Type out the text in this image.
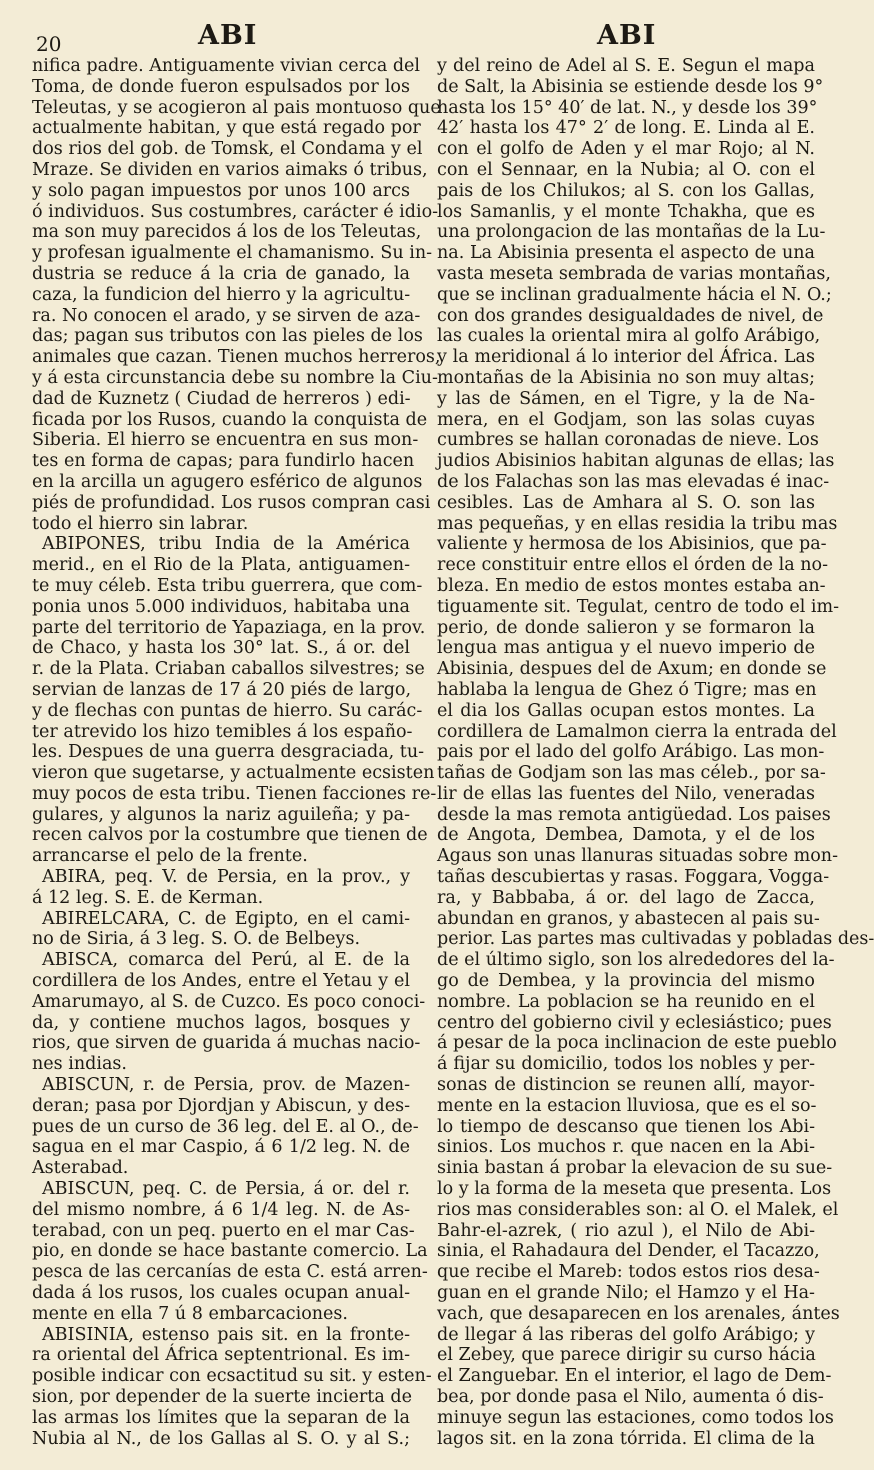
20	ABI	ABI
nifica padre. Antiguamente vivian cerca del
Toma, de donde fueron espulsados por los
Teleutas, y se acogieron al pais montuoso que
actualmente habitan, y que está regado por
dos rios del gob. de Tomsk, el Condama y el
Mraze. Se dividen en varios aimaks ó tribus,
y solo pagan impuestos por unos 100 arcs
ó individuos. Sus costumbres, carácter é idio-
ma son muy parecidos á los de los Teleutas,
y profesan igualmente el chamanismo. Su in-
dustria se reduce á la cria de ganado, la
caza, la fundicion del hierro y la agricultu-
ra. No conocen el arado, y se sirven de aza-
das; pagan sus tributos con las pieles de los
animales que cazan. Tienen muchos herreros,
y á esta circunstancia debe su nombre la Ciu-
dad de Kuznetz ( Ciudad de herreros ) edi-
ficada por los Rusos, cuando la conquista de
Siberia. El hierro se encuentra en sus mon-
tes en forma de capas; para fundirlo hacen
en la arcilla un agugero esférico de algunos
piés de profundidad. Los rusos compran casi
todo el hierro sin labrar.
ABIPONES, tribu India de la América
merid., en el Rio de la Plata, antiguamen-
te muy céleb. Esta tribu guerrera, que com-
ponia unos 5.000 individuos, habitaba una
parte del territorio de Yapaziaga, en la prov.
de Chaco, y hasta los 30° lat. S., á or. del
r. de la Plata. Criaban caballos silvestres; se
servian de lanzas de 17 á 20 piés de largo,
y de flechas con puntas de hierro. Su carác-
ter atrevido los hizo temibles á los españo-
les. Despues de una guerra desgraciada, tu-
vieron que sugetarse, y actualmente ecsisten
muy pocos de esta tribu. Tienen facciones re-
gulares, y algunos la nariz aguileña; y pa-
recen calvos por la costumbre que tienen de
arrancarse el pelo de la frente.
ABIRA, peq. V. de Persia, en la prov., y
á 12 leg. S. E. de Kerman.
ABIRELCARA, C. de Egipto, en el cami-
no de Siria, á 3 leg. S. O. de Belbeys.
ABISCA, comarca del Perú, al E. de la
cordillera de los Andes, entre el Yetau y el
Amarumayo, al S. de Cuzco. Es poco conoci-
da, y contiene muchos lagos, bosques y
rios, que sirven de guarida á muchas nacio-
nes indias.
ABISCUN, r. de Persia, prov. de Mazen-
deran; pasa por Djordjan y Abiscun, y des-
pues de un curso de 36 leg. del E. al O., de-
sagua en el mar Caspio, á 6 1/2 leg. N. de
Asterabad.
ABISCUN, peq. C. de Persia, á or. del r.
del mismo nombre, á 6 1/4 leg. N. de As-
terabad, con un peq. puerto en el mar Cas-
pio, en donde se hace bastante comercio. La
pesca de las cercanías de esta C. está arren-
dada á los rusos, los cuales ocupan anual-
mente en ella 7 ú 8 embarcaciones.
ABISINIA, estenso pais sit. en la fronte-
ra oriental del África septentrional. Es im-
posible indicar con ecsactitud su sit. y esten-
sion, por depender de la suerte incierta de
las armas los límites que la separan de la
Nubia al N., de los Gallas al S. O. y al S.;
y del reino de Adel al S. E. Segun el mapa
de Salt, la Abisinia se estiende desde los 9°
hasta los 15° 40′ de lat. N., y desde los 39°
42′ hasta los 47° 2′ de long. E. Linda al E.
con el golfo de Aden y el mar Rojo; al N.
con el Sennaar, en la Nubia; al O. con el
pais de los Chilukos; al S. con los Gallas,
los Samanlis, y el monte Tchakha, que es
una prolongacion de las montañas de la Lu-
na. La Abisinia presenta el aspecto de una
vasta meseta sembrada de varias montañas,
que se inclinan gradualmente hácia el N. O.;
con dos grandes desigualdades de nivel, de
las cuales la oriental mira al golfo Arábigo,
y la meridional á lo interior del África. Las
montañas de la Abisinia no son muy altas;
y las de Sámen, en el Tigre, y la de Na-
mera, en el Godjam, son las solas cuyas
cumbres se hallan coronadas de nieve. Los
judios Abisinios habitan algunas de ellas; las
de los Falachas son las mas elevadas é inac-
cesibles. Las de Amhara al S. O. son las
mas pequeñas, y en ellas residia la tribu mas
valiente y hermosa de los Abisinios, que pa-
rece constituir entre ellos el órden de la no-
bleza. En medio de estos montes estaba an-
tiguamente sit. Tegulat, centro de todo el im-
perio, de donde salieron y se formaron la
lengua mas antigua y el nuevo imperio de
Abisinia, despues del de Axum; en donde se
hablaba la lengua de Ghez ó Tigre; mas en
el dia los Gallas ocupan estos montes. La
cordillera de Lamalmon cierra la entrada del
pais por el lado del golfo Arábigo. Las mon-
tañas de Godjam son las mas céleb., por sa-
lir de ellas las fuentes del Nilo, veneradas
desde la mas remota antigüedad. Los paises
de Angota, Dembea, Damota, y el de los
Agaus son unas llanuras situadas sobre mon-
tañas descubiertas y rasas. Foggara, Vogga-
ra, y Babbaba, á or. del lago de Zacca,
abundan en granos, y abastecen al pais su-
perior. Las partes mas cultivadas y pobladas des-
de el último siglo, son los alrededores del la-
go de Dembea, y la provincia del mismo
nombre. La poblacion se ha reunido en el
centro del gobierno civil y eclesiástico; pues
á pesar de la poca inclinacion de este pueblo
á fijar su domicilio, todos los nobles y per-
sonas de distincion se reunen allí, mayor-
mente en la estacion lluviosa, que es el so-
lo tiempo de descanso que tienen los Abi-
sinios. Los muchos r. que nacen en la Abi-
sinia bastan á probar la elevacion de su sue-
lo y la forma de la meseta que presenta. Los
rios mas considerables son: al O. el Malek, el
Bahr-el-azrek, ( rio azul ), el Nilo de Abi-
sinia, el Rahadaura del Dender, el Tacazzo,
que recibe el Mareb: todos estos rios desa-
guan en el grande Nilo; el Hamzo y el Ha-
vach, que desaparecen en los arenales, ántes
de llegar á las riberas del golfo Arábigo; y
el Zebey, que parece dirigir su curso hácia
el Zanguebar. En el interior, el lago de Dem-
bea, por donde pasa el Nilo, aumenta ó dis-
minuye segun las estaciones, como todos los
lagos sit. en la zona tórrida. El clima de la
